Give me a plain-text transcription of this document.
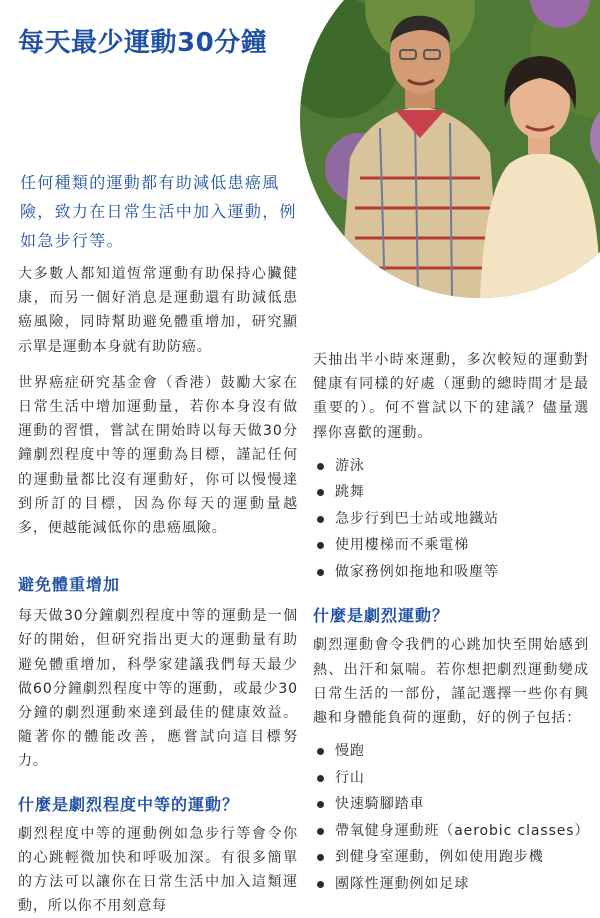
每天最少運動30分鐘

任何種類的運動都有助減低患癌風險，致力在日常生活中加入運動，例如急步行等。

大多數人都知道恆常運動有助保持心臟健康，而另一個好消息是運動還有助減低患癌風險，同時幫助避免體重增加，研究顯示單是運動本身就有助防癌。

世界癌症研究基金會（香港）鼓勵大家在日常生活中增加運動量，若你本身沒有做運動的習慣，嘗試在開始時以每天做30分鐘劇烈程度中等的運動為目標，謹記任何的運動量都比沒有運動好，你可以慢慢達到所訂的目標，因為你每天的運動量越多，便越能減低你的患癌風險。

避免體重增加

每天做30分鐘劇烈程度中等的運動是一個好的開始，但研究指出更大的運動量有助避免體重增加，科學家建議我們每天最少做60分鐘劇烈程度中等的運動，或最少30分鐘的劇烈運動來達到最佳的健康效益。隨著你的體能改善，應嘗試向這目標努力。

什麼是劇烈程度中等的運動？

劇烈程度中等的運動例如急步行等會令你的心跳輕微加快和呼吸加深。有很多簡單的方法可以讓你在日常生活中加入這類運動，所以你不用刻意每

天抽出半小時來運動，多次較短的運動對健康有同樣的好處（運動的總時間才是最重要的）。何不嘗試以下的建議？儘量選擇你喜歡的運動。

游泳
跳舞
急步行到巴士站或地鐵站
使用樓梯而不乘電梯
做家務例如拖地和吸塵等
什麼是劇烈運動？

劇烈運動會令我們的心跳加快至開始感到熱、出汗和氣喘。若你想把劇烈運動變成日常生活的一部份，謹記選擇一些你有興趣和身體能負荷的運動，好的例子包括：

慢跑
行山
快速騎腳踏車
帶氧健身運動班（aerobic classes）
到健身室運動，例如使用跑步機
團隊性運動例如足球
